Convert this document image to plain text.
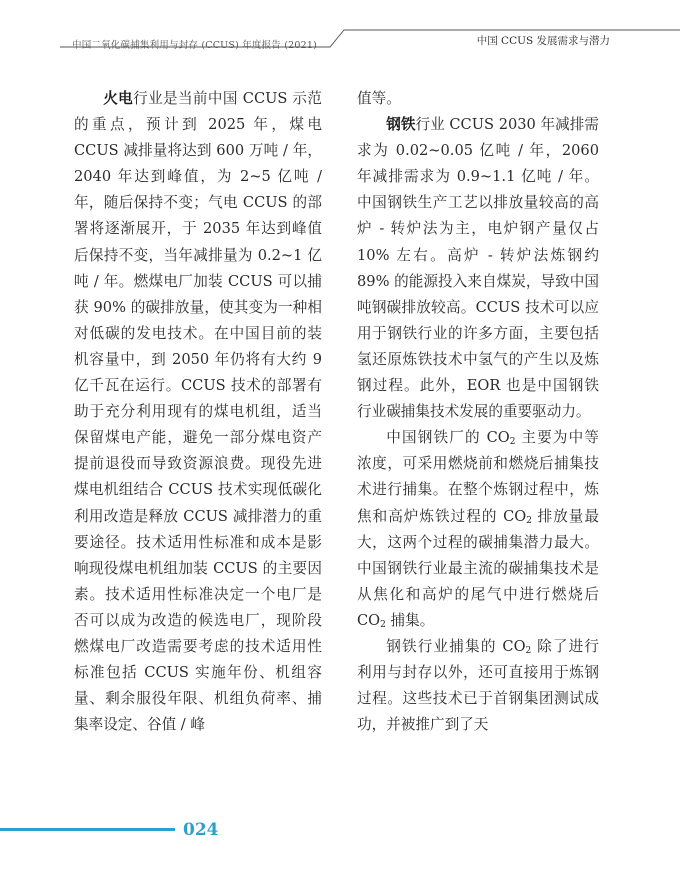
中国二氧化碳捕集利用与封存 (CCUS) 年度报告 (2021)	中国 CCUS 发展需求与潜力

火电行业是当前中国 CCUS 示范的重点，预计到 2025 年，煤电 CCUS 减排量将达到 600 万吨 / 年，2040 年达到峰值，为 2~5 亿吨 / 年，随后保持不变；气电 CCUS 的部署将逐渐展开，于 2035 年达到峰值后保持不变，当年减排量为 0.2~1 亿吨 / 年。燃煤电厂加装 CCUS 可以捕获 90% 的碳排放量，使其变为一种相对低碳的发电技术。在中国目前的装机容量中，到 2050 年仍将有大约 9 亿千瓦在运行。CCUS 技术的部署有助于充分利用现有的煤电机组，适当保留煤电产能，避免一部分煤电资产提前退役而导致资源浪费。现役先进煤电机组结合 CCUS 技术实现低碳化利用改造是释放 CCUS 减排潜力的重要途径。技术适用性标准和成本是影响现役煤电机组加装 CCUS 的主要因素。技术适用性标准决定一个电厂是否可以成为改造的候选电厂，现阶段燃煤电厂改造需要考虑的技术适用性标准包括 CCUS 实施年份、机组容量、剩余服役年限、机组负荷率、捕集率设定、谷值 / 峰

值等。

钢铁行业 CCUS 2030 年减排需求为 0.02~0.05 亿吨 / 年，2060 年减排需求为 0.9~1.1 亿吨 / 年。中国钢铁生产工艺以排放量较高的高炉 - 转炉法为主，电炉钢产量仅占 10% 左右。高炉 - 转炉法炼钢约 89% 的能源投入来自煤炭，导致中国吨钢碳排放较高。CCUS 技术可以应用于钢铁行业的许多方面，主要包括氢还原炼铁技术中氢气的产生以及炼钢过程。此外，EOR 也是中国钢铁行业碳捕集技术发展的重要驱动力。

中国钢铁厂的 $CO_2$ 主要为中等浓度，可采用燃烧前和燃烧后捕集技术进行捕集。在整个炼钢过程中，炼焦和高炉炼铁过程的 $CO_2$ 排放量最大，这两个过程的碳捕集潜力最大。中国钢铁行业最主流的碳捕集技术是从焦化和高炉的尾气中进行燃烧后 $CO_2$ 捕集。

钢铁行业捕集的 $CO_2$ 除了进行利用与封存以外，还可直接用于炼钢过程。这些技术已于首钢集团测试成功，并被推广到了天

024
